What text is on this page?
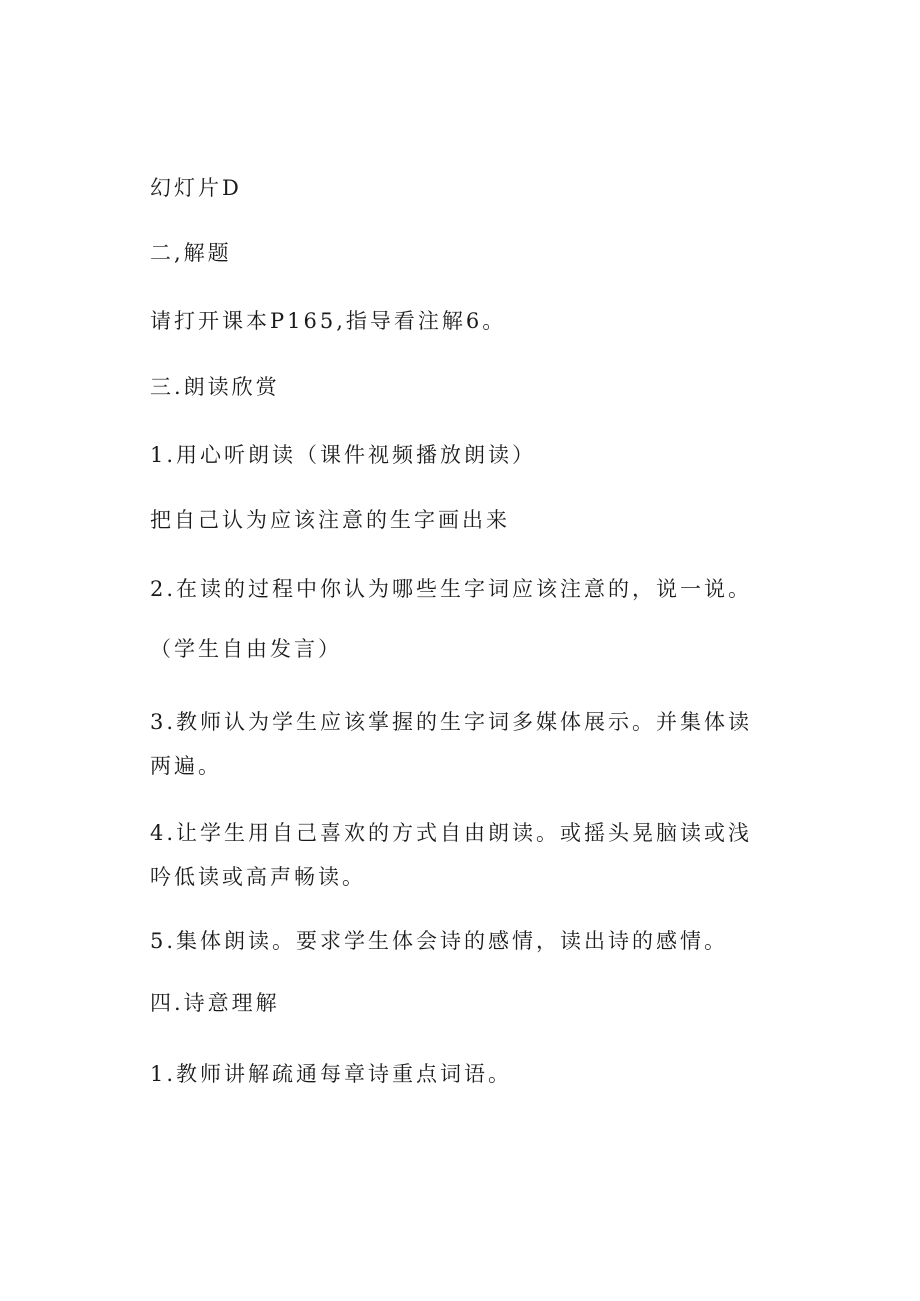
幻灯片D
二,解题
请打开课本P165,指导看注解6。
三.朗读欣赏
1.用心听朗读（课件视频播放朗读）
把自己认为应该注意的生字画出来
2.在读的过程中你认为哪些生字词应该注意的，说一说。
（学生自由发言）
3.教师认为学生应该掌握的生字词多媒体展示。并集体读两遍。
4.让学生用自己喜欢的方式自由朗读。或摇头晃脑读或浅吟低读或高声畅读。
5.集体朗读。要求学生体会诗的感情，读出诗的感情。
四.诗意理解
1.教师讲解疏通每章诗重点词语。
